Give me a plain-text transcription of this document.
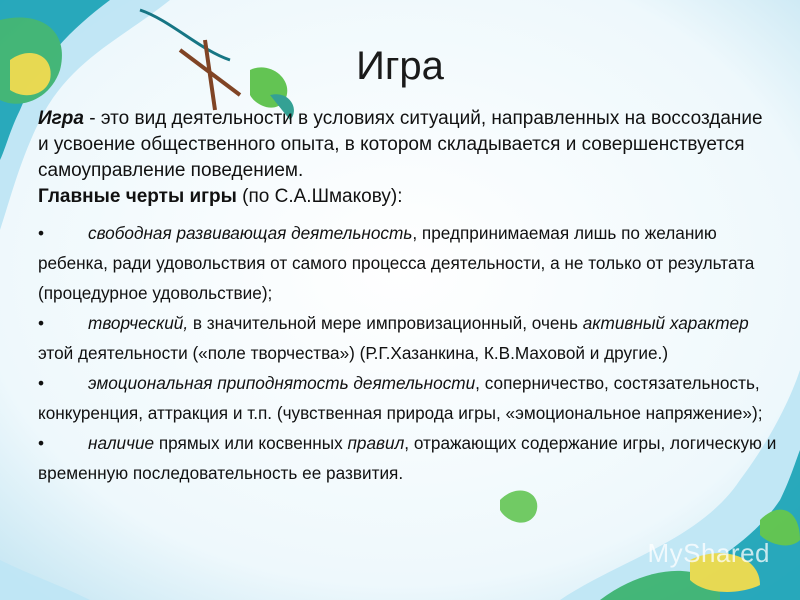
Игра

Игра - это вид деятельности в условиях ситуаций, направленных на воссоздание и усвоение общественного опыта, в котором складывается и совершенствуется самоуправление поведением.

Главные черты игры (по С.А.Шмакову):

•	свободная развивающая деятельность, предпринимаемая лишь по желанию ребенка, ради удовольствия от самого процесса деятельности, а не только от результата (процедурное удовольствие);

•	творческий, в значительной мере импровизационный, очень активный характер этой деятельности («поле творчества») (Р.Г.Хазанкина, К.В.Маховой и другие.)

•	эмоциональная приподнятость деятельности, соперничество, состязательность, конкуренция, аттракция и т.п. (чувственная природа игры, «эмоциональное напряжение»);

•	наличие прямых или косвенных правил, отражающих содержание игры, логическую и временную последовательность ее развития.

MyShared
